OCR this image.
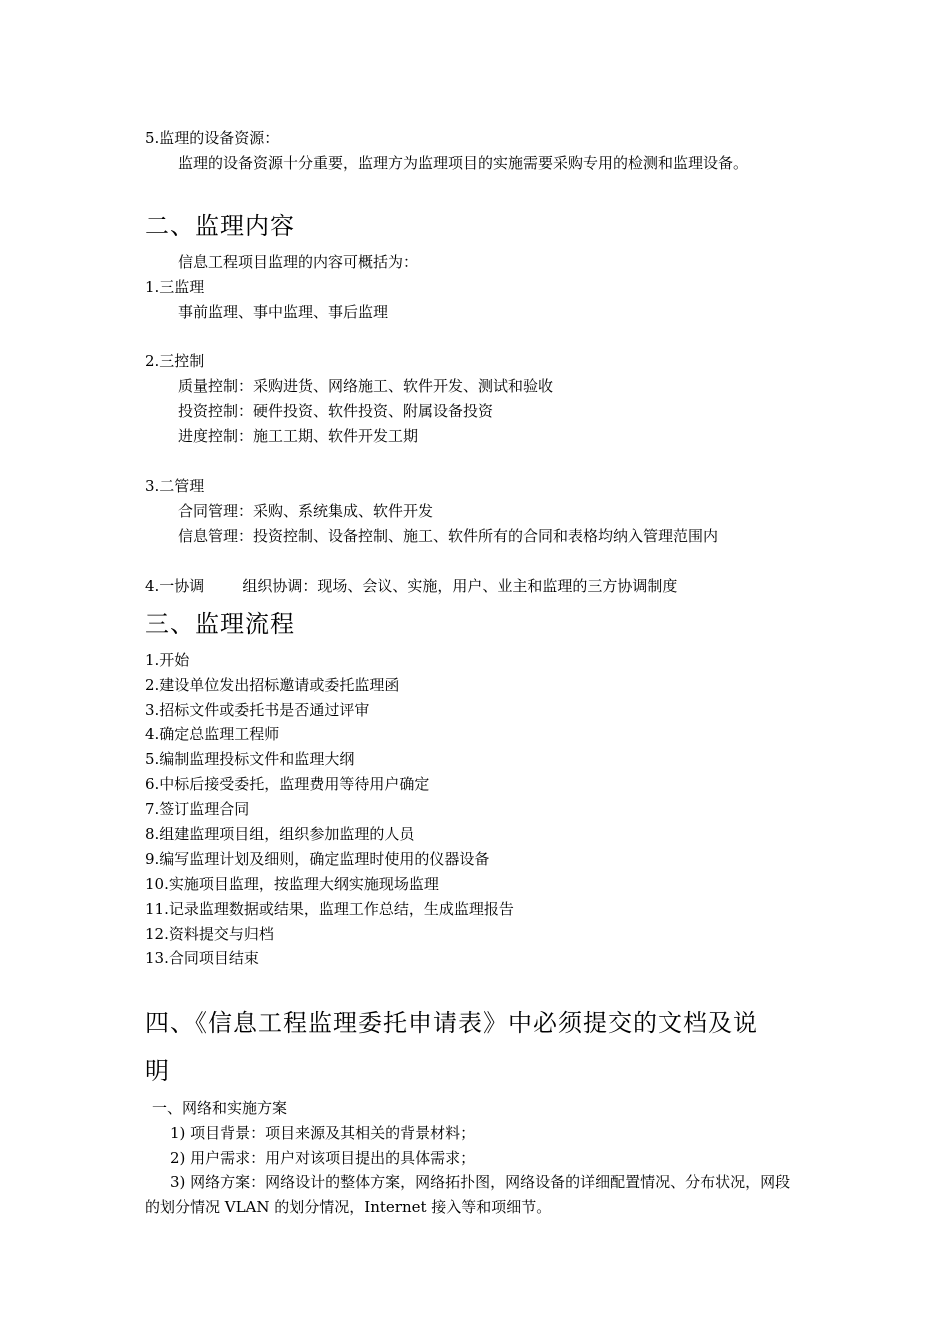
5.监理的设备资源：
监理的设备资源十分重要，监理方为监理项目的实施需要采购专用的检测和监理设备。
二、监理内容
信息工程项目监理的内容可概括为：
1.三监理
事前监理、事中监理、事后监理
2.三控制
质量控制：采购进货、网络施工、软件开发、测试和验收
投资控制：硬件投资、软件投资、附属设备投资
进度控制：施工工期、软件开发工期
3.二管理
合同管理：采购、系统集成、软件开发
信息管理：投资控制、设备控制、施工、软件所有的合同和表格均纳入管理范围内
4.一协调	组织协调：现场、会议、实施，用户、业主和监理的三方协调制度
三、监理流程
1.开始
2.建设单位发出招标邀请或委托监理函
3.招标文件或委托书是否通过评审
4.确定总监理工程师
5.编制监理投标文件和监理大纲
6.中标后接受委托，监理费用等待用户确定
7.签订监理合同
8.组建监理项目组，组织参加监理的人员
9.编写监理计划及细则，确定监理时使用的仪器设备
10.实施项目监理，按监理大纲实施现场监理
11.记录监理数据或结果，监理工作总结，生成监理报告
12.资料提交与归档
13.合同项目结束
四、《信息工程监理委托申请表》中必须提交的文档及说
明
一、网络和实施方案
1) 项目背景：项目来源及其相关的背景材料；
2) 用户需求：用户对该项目提出的具体需求；
3) 网络方案：网络设计的整体方案，网络拓扑图，网络设备的详细配置情况、分布状况，网段的划分情况 VLAN 的划分情况，Internet 接入等和项细节。
